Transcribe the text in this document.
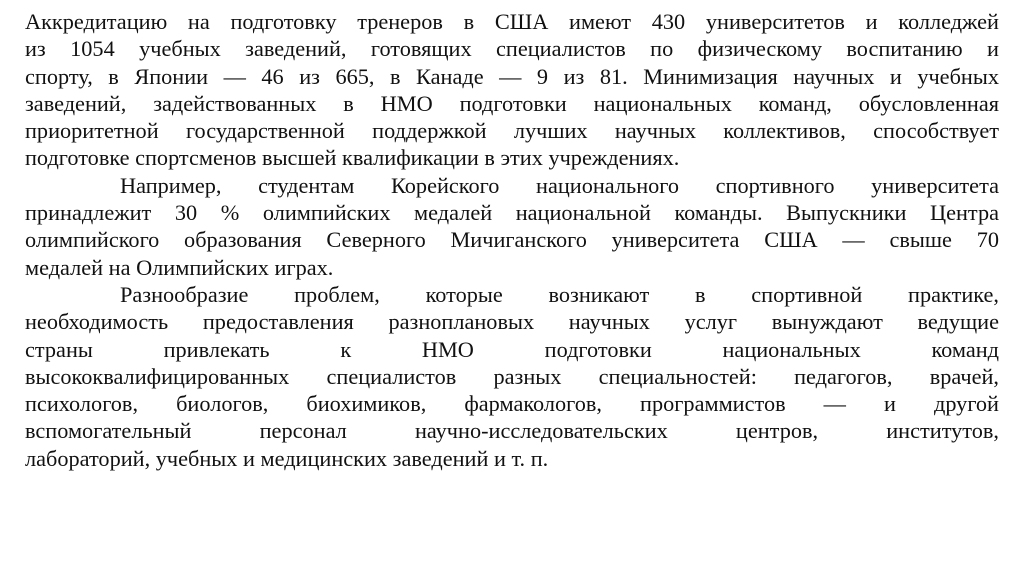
Аккредитацию на подготовку тренеров в США имеют 430 университетов и колледжей
из 1054 учебных заведений, готовящих специалистов по физическому воспитанию и
спорту, в Японии — 46 из 665, в Канаде — 9 из 81. Минимизация научных и учебных
заведений, задействованных в НМО подготовки национальных команд, обусловленная
приоритетной государственной поддержкой лучших научных коллективов, способствует
подготовке спортсменов высшей квалификации в этих учреждениях.
Например, студентам Корейского национального спортивного университета
принадлежит 30 % олимпийских медалей национальной команды. Выпускники Центра
олимпийского образования Северного Мичиганского университета США — свыше 70
медалей на Олимпийских играх.
Разнообразие проблем, которые возникают в спортивной практике,
необходимость предоставления разноплановых научных услуг вынуждают ведущие
страны привлекать к НМО подготовки национальных команд
высококвалифицированных специалистов разных специальностей: педагогов, врачей,
психологов, биологов, биохимиков, фармакологов, программистов — и другой
вспомогательный персонал научно-исследовательских центров, институтов,
лабораторий, учебных и медицинских заведений и т. п.
